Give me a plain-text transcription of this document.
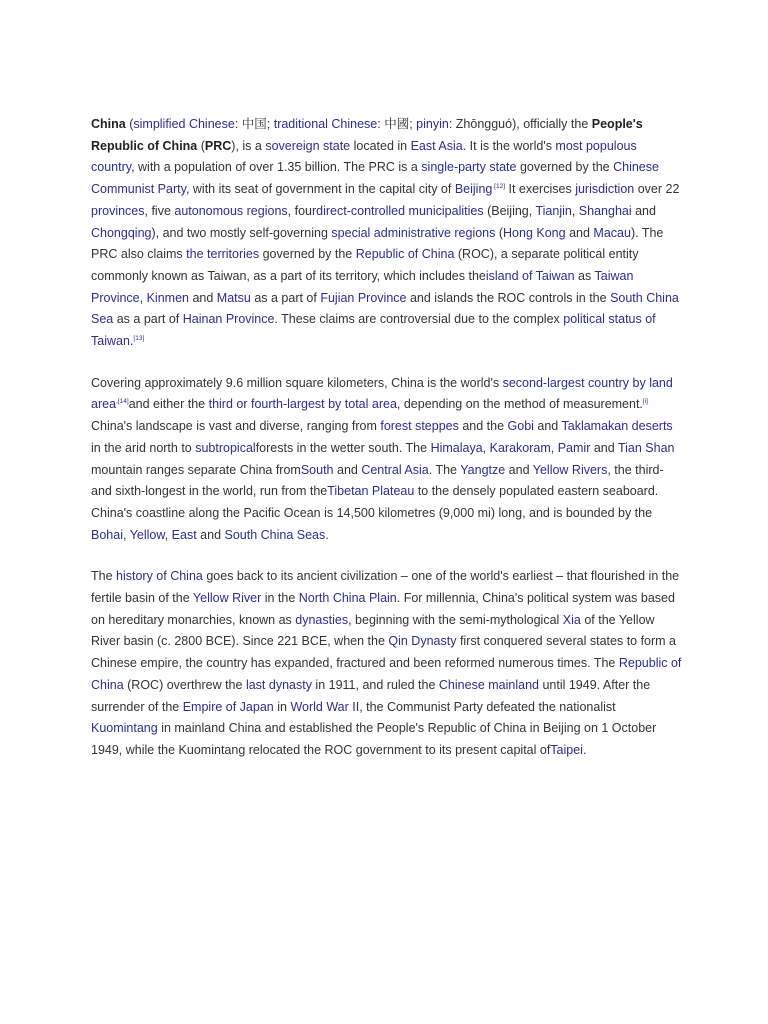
China (simplified Chinese: 中国; traditional Chinese: 中國; pinyin: Zhōngguó), officially the People's Republic of China (PRC), is a sovereign state located in East Asia. It is the world's most populous country, with a population of over 1.35 billion. The PRC is a single-party state governed by the Chinese Communist Party, with its seat of government in the capital city of Beijing$^{.[12]}$ It exercises jurisdiction over 22 provinces, five autonomous regions, fourdirect-controlled municipalities (Beijing, Tianjin, Shanghai and Chongqing), and two mostly self-governing special administrative regions (Hong Kong and Macau). The PRC also claims the territories governed by the Republic of China (ROC), a separate political entity commonly known as Taiwan, as a part of its territory, which includes theisland of Taiwan as Taiwan Province, Kinmen and Matsu as a part of Fujian Province and islands the ROC controls in the South China Sea as a part of Hainan Province. These claims are controversial due to the complex political status of Taiwan.[13]

Covering approximately 9.6 million square kilometers, China is the world's second-largest country by land area$^{,[14]}$and either the third or fourth-largest by total area, depending on the method of measurement.[i] China's landscape is vast and diverse, ranging from forest steppes and the Gobi and Taklamakan deserts in the arid north to subtropicalforests in the wetter south. The Himalaya, Karakoram, Pamir and Tian Shan mountain ranges separate China fromSouth and Central Asia. The Yangtze and Yellow Rivers, the third- and sixth-longest in the world, run from theTibetan Plateau to the densely populated eastern seaboard. China's coastline along the Pacific Ocean is 14,500 kilometres (9,000 mi) long, and is bounded by the Bohai, Yellow, East and South China Seas.

The history of China goes back to its ancient civilization – one of the world's earliest – that flourished in the fertile basin of the Yellow River in the North China Plain. For millennia, China's political system was based on hereditary monarchies, known as dynasties, beginning with the semi-mythological Xia of the Yellow River basin (c. 2800 BCE). Since 221 BCE, when the Qin Dynasty first conquered several states to form a Chinese empire, the country has expanded, fractured and been reformed numerous times. The Republic of China (ROC) overthrew the last dynasty in 1911, and ruled the Chinese mainland until 1949. After the surrender of the Empire of Japan in World War II, the Communist Party defeated the nationalist Kuomintang in mainland China and established the People's Republic of China in Beijing on 1 October 1949, while the Kuomintang relocated the ROC government to its present capital ofTaipei.
